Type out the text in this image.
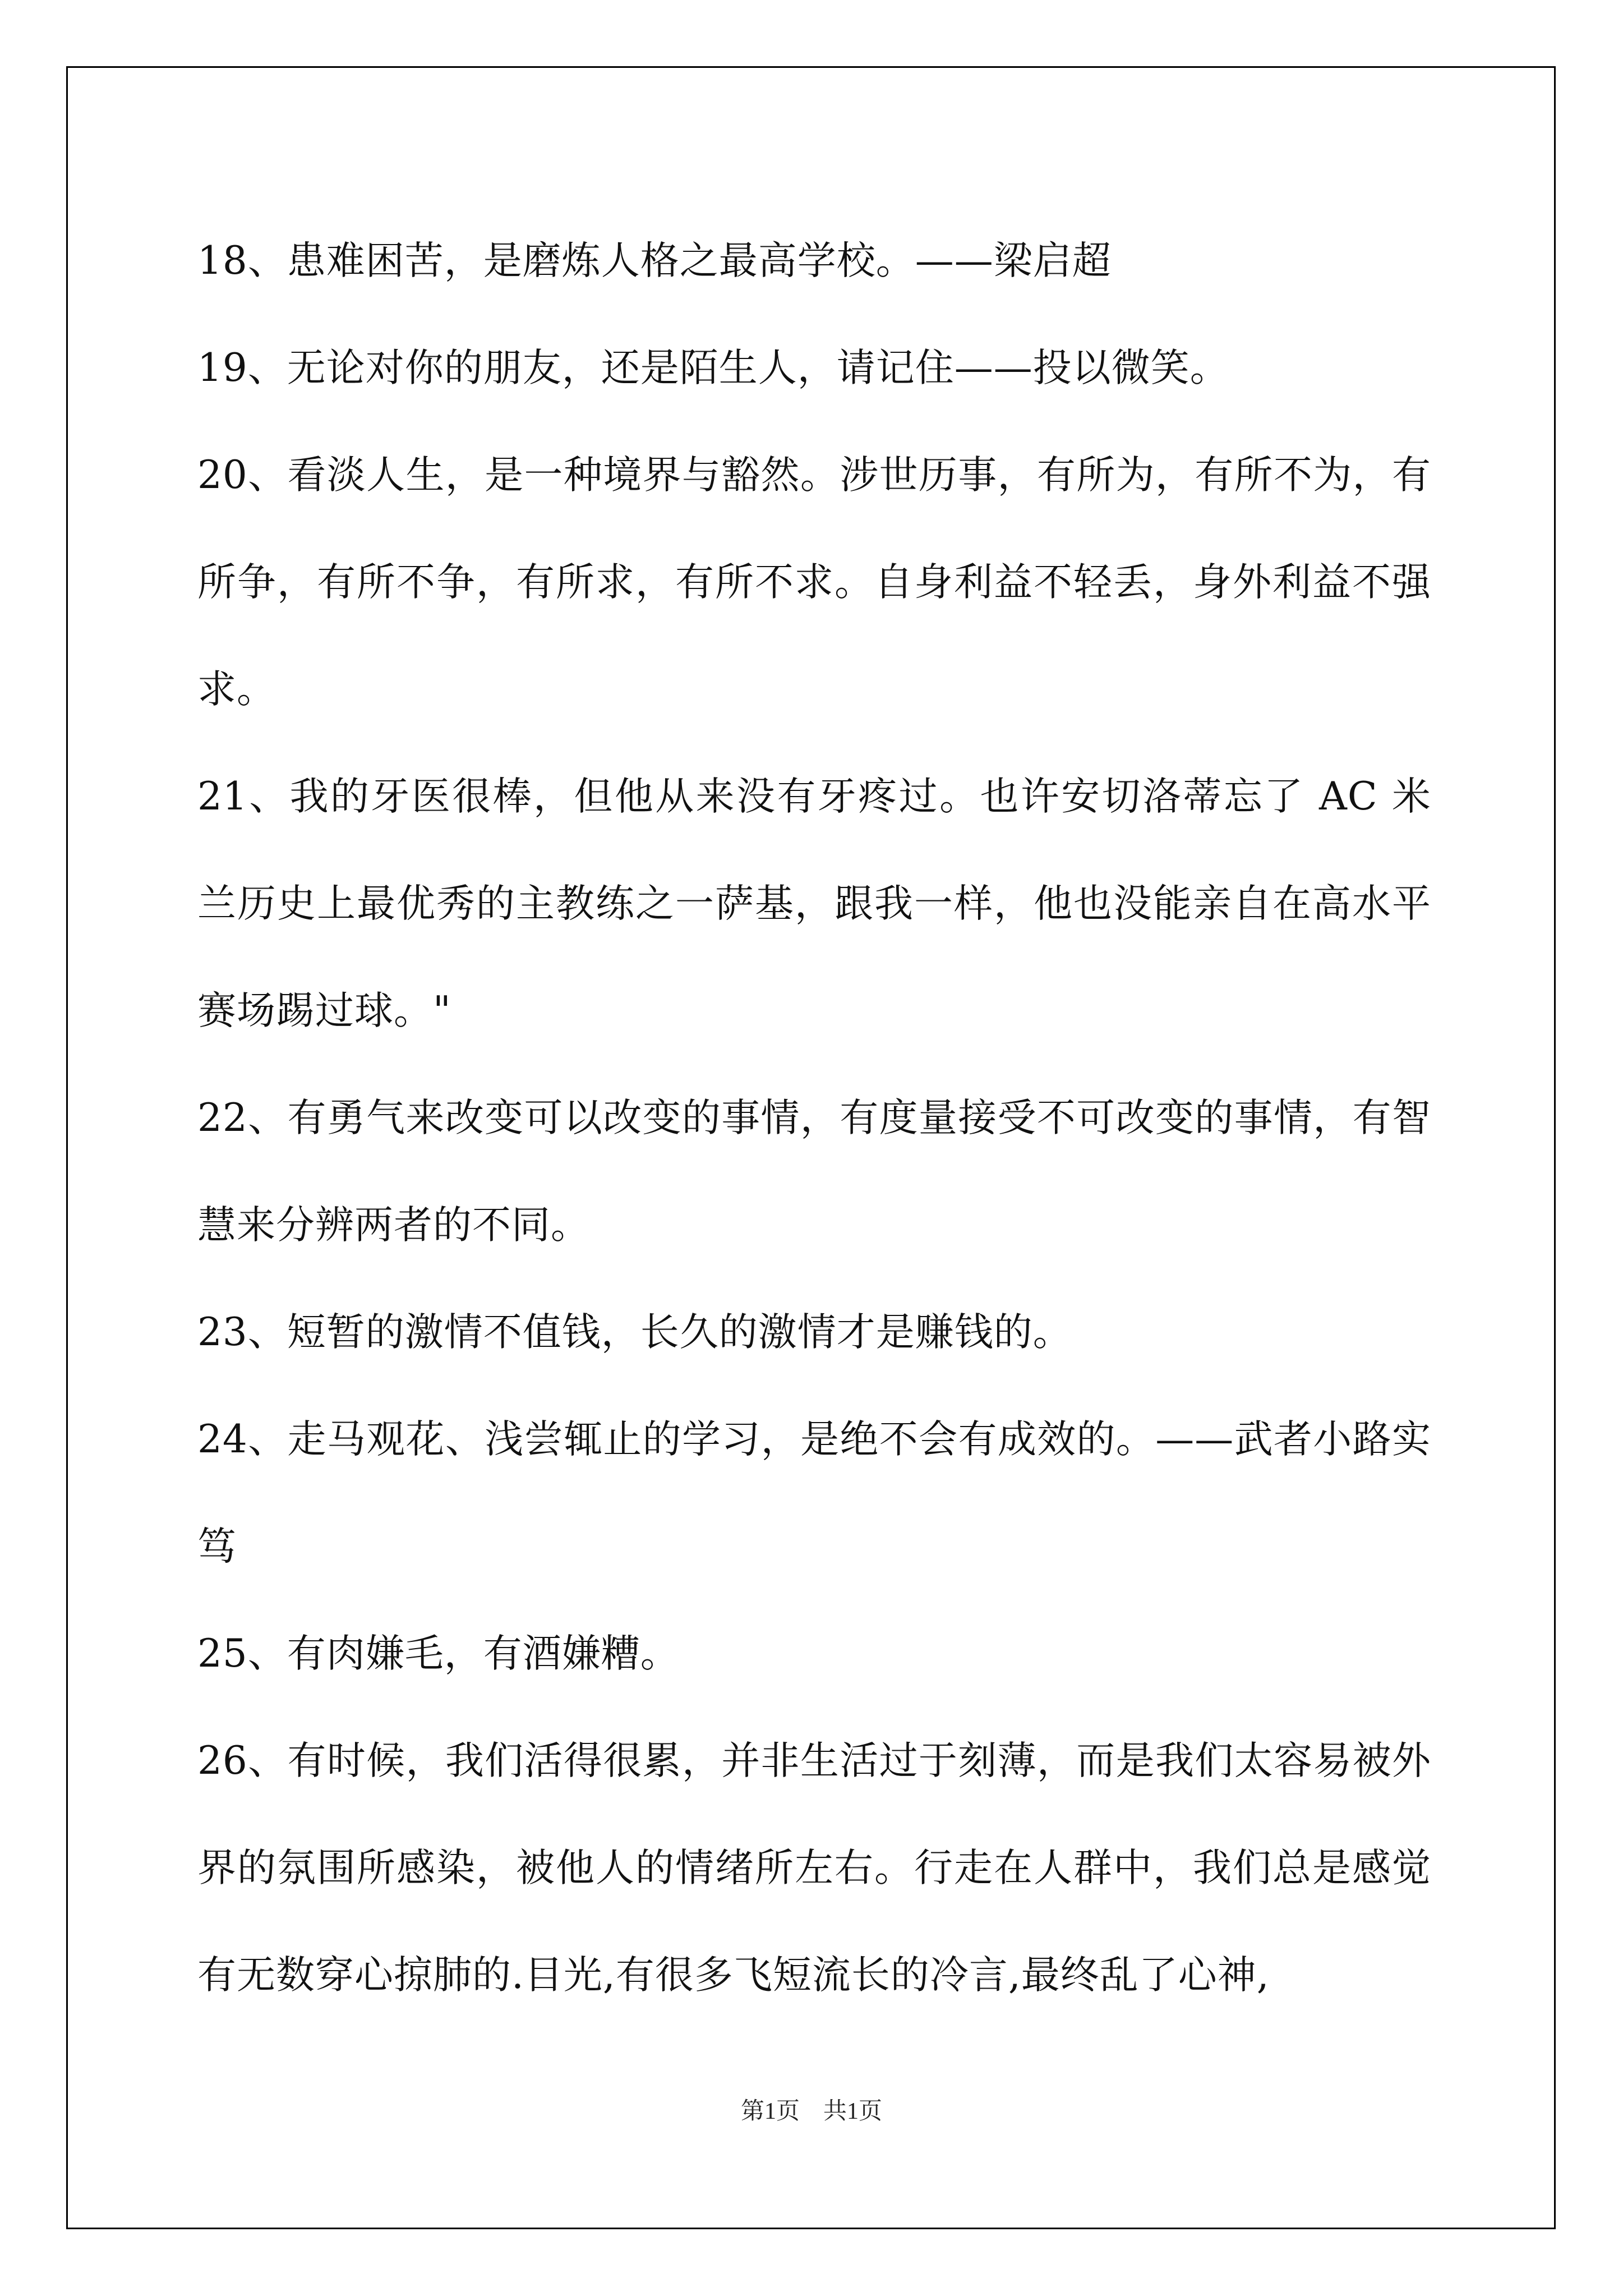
18、患难困苦，是磨炼人格之最高学校。——梁启超

19、无论对你的朋友，还是陌生人，请记住——投以微笑。

20、看淡人生，是一种境界与豁然。涉世历事，有所为，有所不为，有所争，有所不争，有所求，有所不求。自身利益不轻丢，身外利益不强求。

21、我的牙医很棒，但他从来没有牙疼过。也许安切洛蒂忘了 AC 米兰历史上最优秀的主教练之一萨基，跟我一样，他也没能亲自在高水平赛场踢过球。"

22、有勇气来改变可以改变的事情，有度量接受不可改变的事情，有智慧来分辨两者的不同。

23、短暂的激情不值钱，长久的激情才是赚钱的。

24、走马观花、浅尝辄止的学习，是绝不会有成效的。——武者小路实笃

25、有肉嫌毛，有酒嫌糟。

26、有时候，我们活得很累，并非生活过于刻薄，而是我们太容易被外界的氛围所感染，被他人的情绪所左右。行走在人群中，我们总是感觉有无数穿心掠肺的.目光,有很多飞短流长的冷言,最终乱了心神,

第1页 共1页
